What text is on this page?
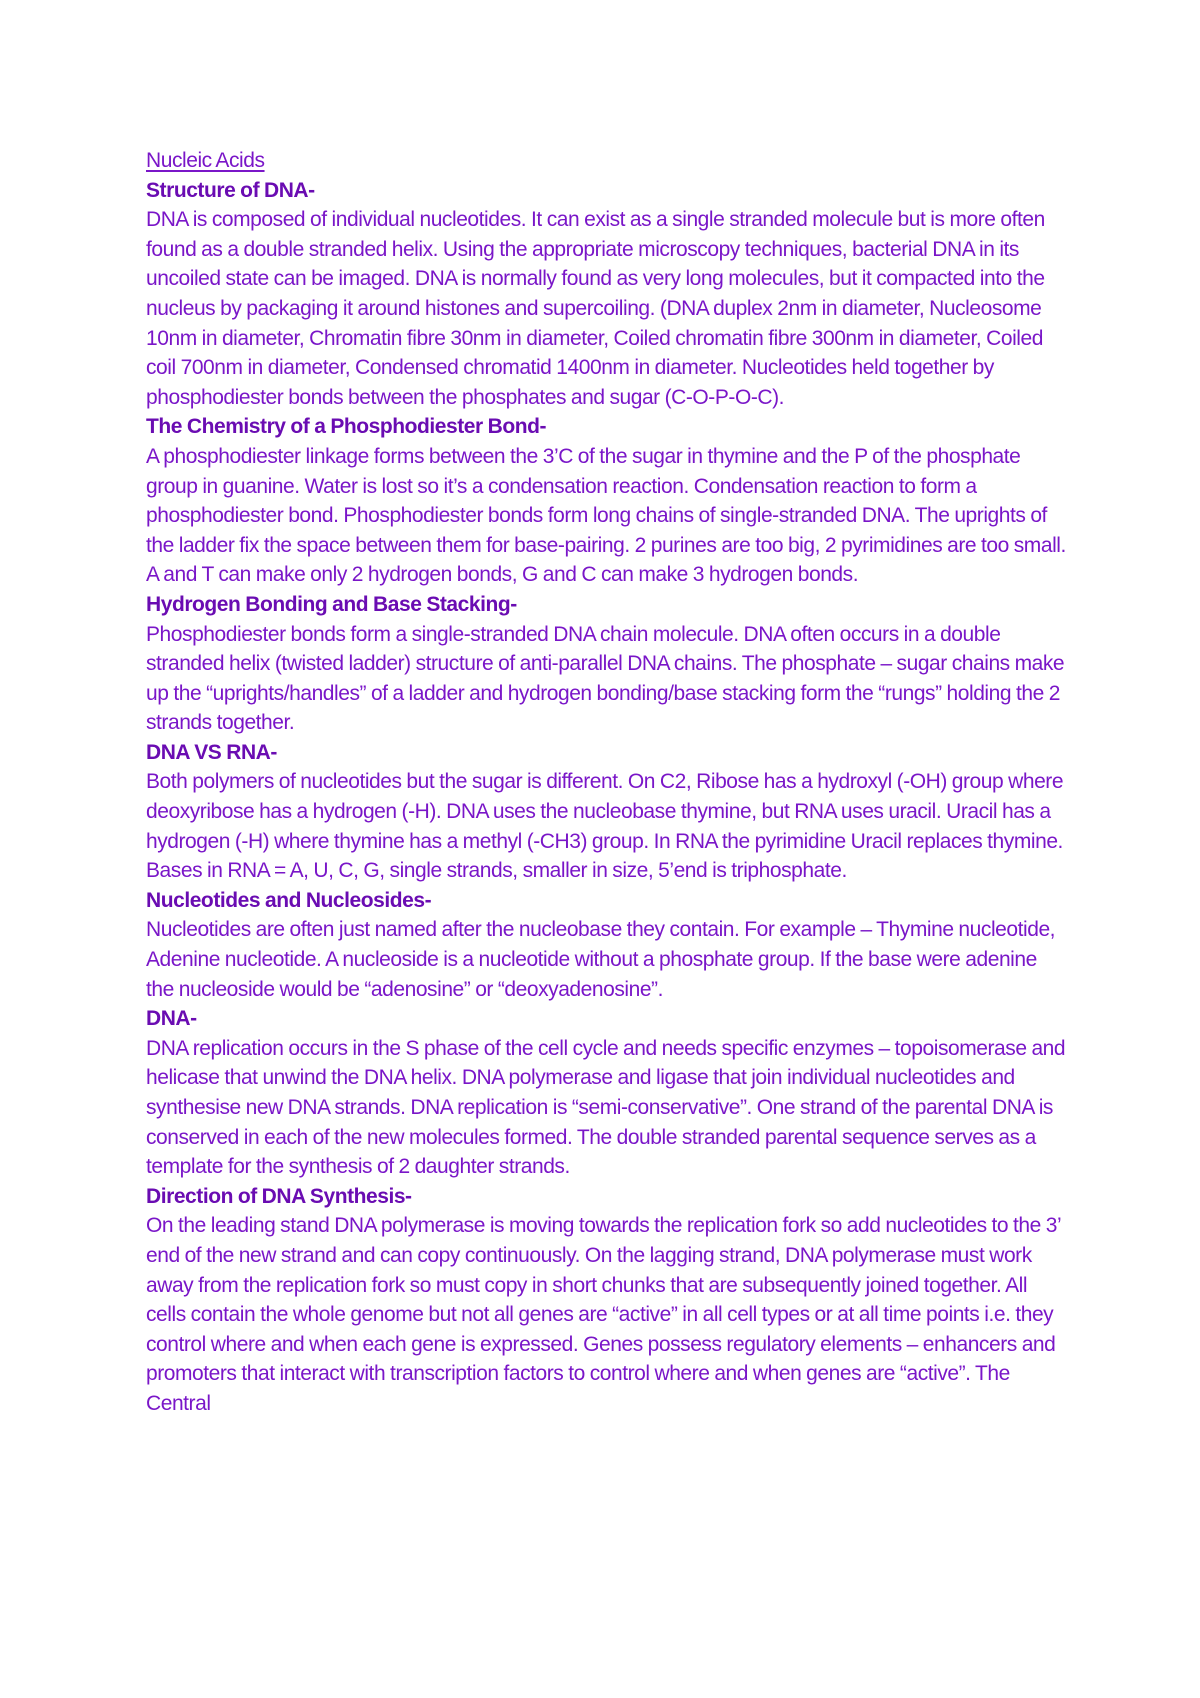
Nucleic Acids
Structure of DNA-

DNA is composed of individual nucleotides. It can exist as a single stranded molecule but is more often found as a double stranded helix. Using the appropriate microscopy techniques, bacterial DNA in its uncoiled state can be imaged. DNA is normally found as very long molecules, but it compacted into the nucleus by packaging it around histones and supercoiling. (DNA duplex 2nm in diameter, Nucleosome 10nm in diameter, Chromatin fibre 30nm in diameter, Coiled chromatin fibre 300nm in diameter, Coiled coil 700nm in diameter, Condensed chromatid 1400nm in diameter. Nucleotides held together by phosphodiester bonds between the phosphates and sugar (C-O-P-O-C).

The Chemistry of a Phosphodiester Bond-

A phosphodiester linkage forms between the 3’C of the sugar in thymine and the P of the phosphate group in guanine. Water is lost so it’s a condensation reaction. Condensation reaction to form a phosphodiester bond. Phosphodiester bonds form long chains of single-stranded DNA. The uprights of the ladder fix the space between them for base-pairing. 2 purines are too big, 2 pyrimidines are too small. A and T can make only 2 hydrogen bonds, G and C can make 3 hydrogen bonds.

Hydrogen Bonding and Base Stacking-

Phosphodiester bonds form a single-stranded DNA chain molecule. DNA often occurs in a double stranded helix (twisted ladder) structure of anti-parallel DNA chains. The phosphate – sugar chains make up the “uprights/handles” of a ladder and hydrogen bonding/base stacking form the “rungs” holding the 2 strands together.

DNA VS RNA-

Both polymers of nucleotides but the sugar is different. On C2, Ribose has a hydroxyl (-OH) group where deoxyribose has a hydrogen (-H). DNA uses the nucleobase thymine, but RNA uses uracil. Uracil has a hydrogen (-H) where thymine has a methyl (-CH3) group. In RNA the pyrimidine Uracil replaces thymine. Bases in RNA = A, U, C, G, single strands, smaller in size, 5’end is triphosphate.

Nucleotides and Nucleosides-

Nucleotides are often just named after the nucleobase they contain. For example – Thymine nucleotide, Adenine nucleotide. A nucleoside is a nucleotide without a phosphate group. If the base were adenine the nucleoside would be “adenosine” or “deoxyadenosine”.

DNA-

DNA replication occurs in the S phase of the cell cycle and needs specific enzymes – topoisomerase and helicase that unwind the DNA helix. DNA polymerase and ligase that join individual nucleotides and synthesise new DNA strands. DNA replication is “semi-conservative”. One strand of the parental DNA is conserved in each of the new molecules formed. The double stranded parental sequence serves as a template for the synthesis of 2 daughter strands.

Direction of DNA Synthesis-

On the leading stand DNA polymerase is moving towards the replication fork so add nucleotides to the 3’ end of the new strand and can copy continuously. On the lagging strand, DNA polymerase must work away from the replication fork so must copy in short chunks that are subsequently joined together. All cells contain the whole genome but not all genes are “active” in all cell types or at all time points i.e. they control where and when each gene is expressed. Genes possess regulatory elements – enhancers and promoters that interact with transcription factors to control where and when genes are “active”. The Central
